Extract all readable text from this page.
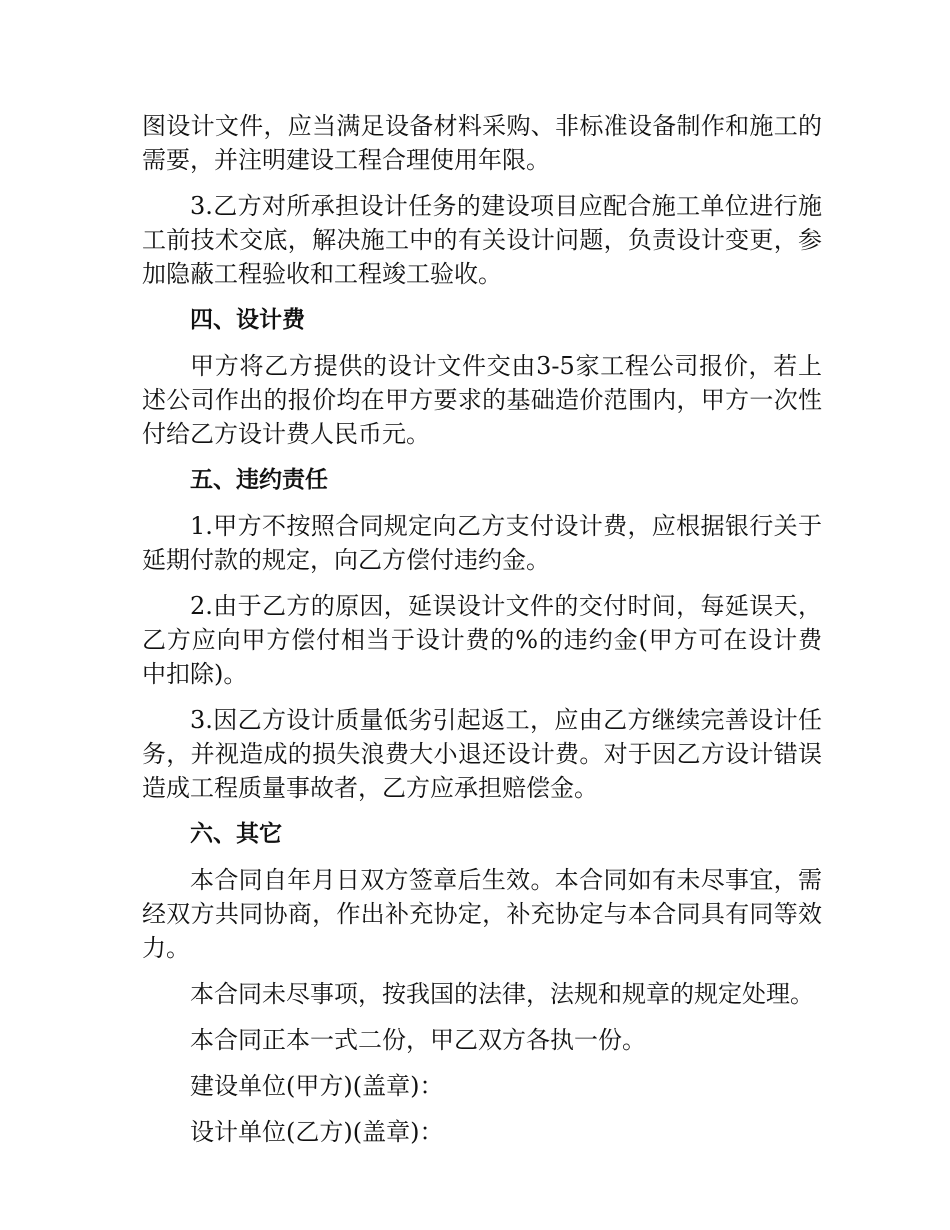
图设计文件，应当满足设备材料采购、非标准设备制作和施工的需要，并注明建设工程合理使用年限。

3.乙方对所承担设计任务的建设项目应配合施工单位进行施工前技术交底，解决施工中的有关设计问题，负责设计变更，参加隐蔽工程验收和工程竣工验收。

四、设计费

甲方将乙方提供的设计文件交由3-5家工程公司报价，若上述公司作出的报价均在甲方要求的基础造价范围内，甲方一次性付给乙方设计费人民币元。

五、违约责任

1.甲方不按照合同规定向乙方支付设计费，应根据银行关于延期付款的规定，向乙方偿付违约金。

2.由于乙方的原因，延误设计文件的交付时间，每延误天，乙方应向甲方偿付相当于设计费的%的违约金(甲方可在设计费中扣除)。

3.因乙方设计质量低劣引起返工，应由乙方继续完善设计任务，并视造成的损失浪费大小退还设计费。对于因乙方设计错误造成工程质量事故者，乙方应承担赔偿金。

六、其它

本合同自年月日双方签章后生效。本合同如有未尽事宜，需经双方共同协商，作出补充协定，补充协定与本合同具有同等效力。

本合同未尽事项，按我国的法律，法规和规章的规定处理。

本合同正本一式二份，甲乙双方各执一份。

建设单位(甲方)(盖章)：

设计单位(乙方)(盖章)：
